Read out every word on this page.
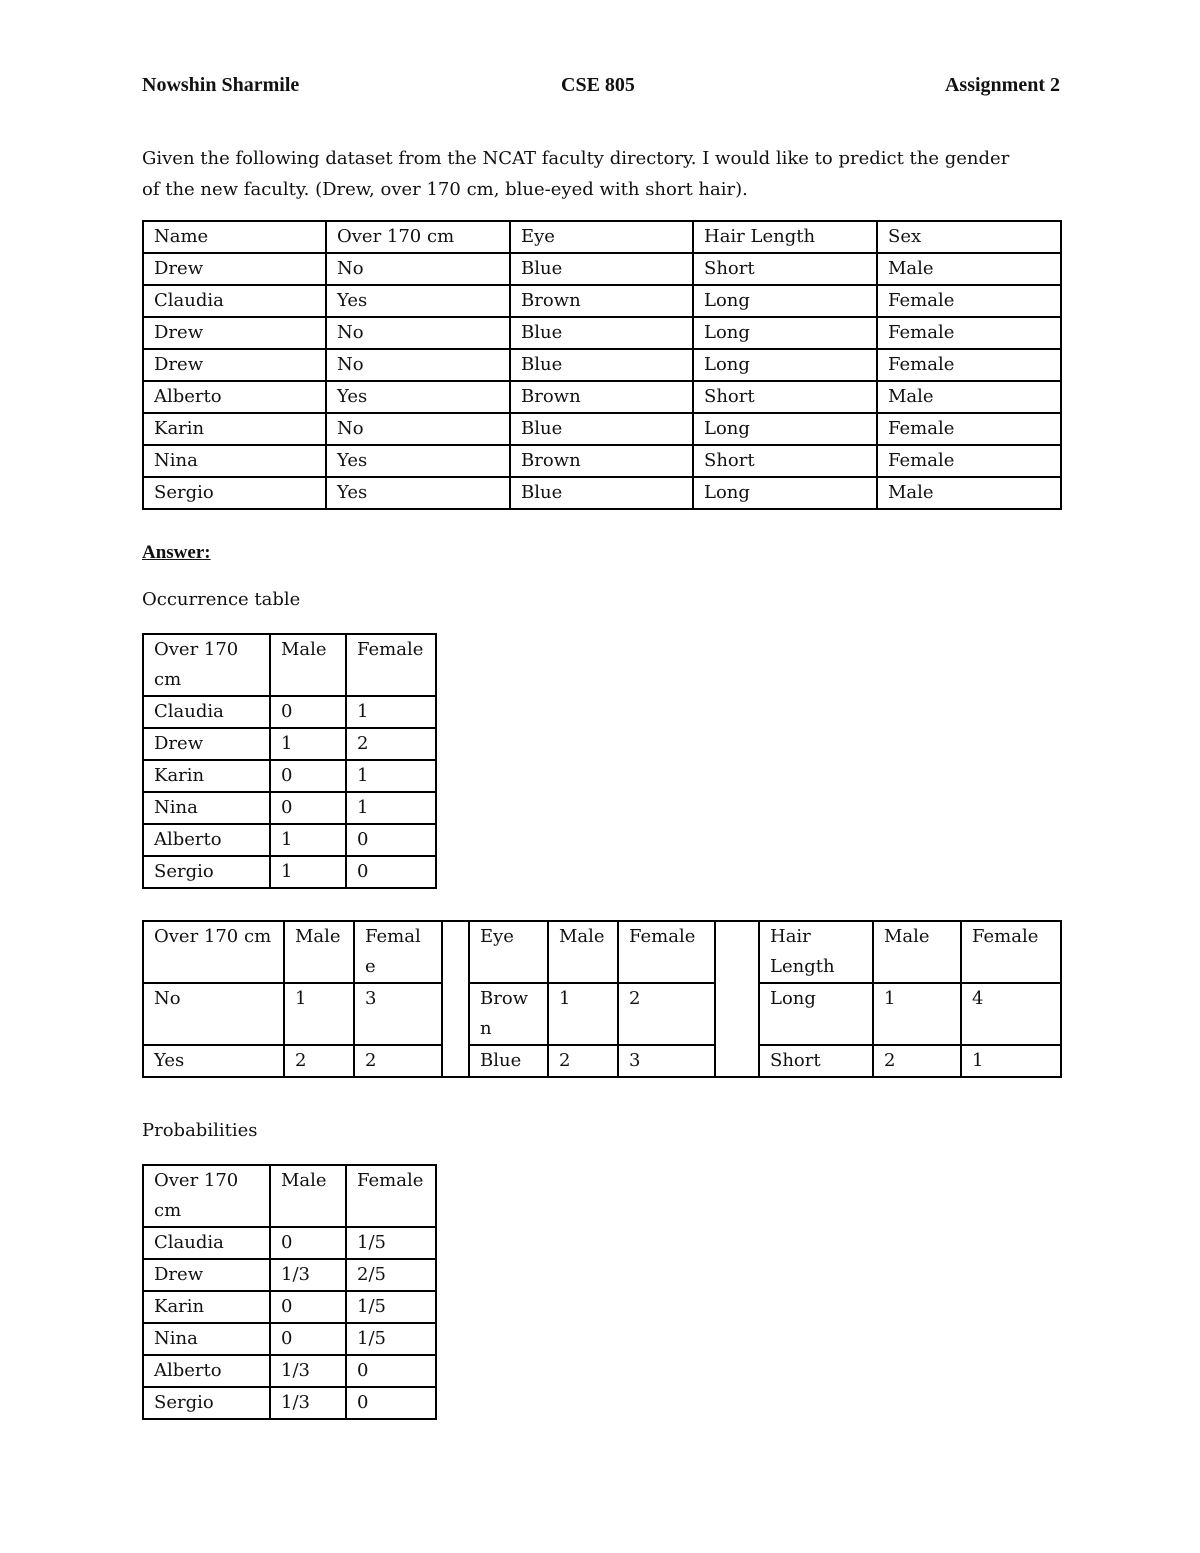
Nowshin Sharmile	CSE 805	Assignment 2
Given the following dataset from the NCAT faculty directory. I would like to predict the gender
of the new faculty. (Drew, over 170 cm, blue-eyed with short hair).
Name	Over 170 cm	Eye	Hair Length	Sex
Drew	No	Blue	Short	Male
Claudia	Yes	Brown	Long	Female
Drew	No	Blue	Long	Female
Drew	No	Blue	Long	Female
Alberto	Yes	Brown	Short	Male
Karin	No	Blue	Long	Female
Nina	Yes	Brown	Short	Female
Sergio	Yes	Blue	Long	Male
Answer:
Occurrence table
Over 170 cm	Male	Female
Claudia	0	1
Drew	1	2
Karin	0	1
Nina	0	1
Alberto	1	0
Sergio	1	0
Over 170 cm	Male	Femal e		Eye	Male	Female		Hair Length	Male	Female
No	1	3		Brow n	1	2		Long	1	4
Yes	2	2		Blue	2	3		Short	2	1
Probabilities
Over 170 cm	Male	Female
Claudia	0	1/5
Drew	1/3	2/5
Karin	0	1/5
Nina	0	1/5
Alberto	1/3	0
Sergio	1/3	0
